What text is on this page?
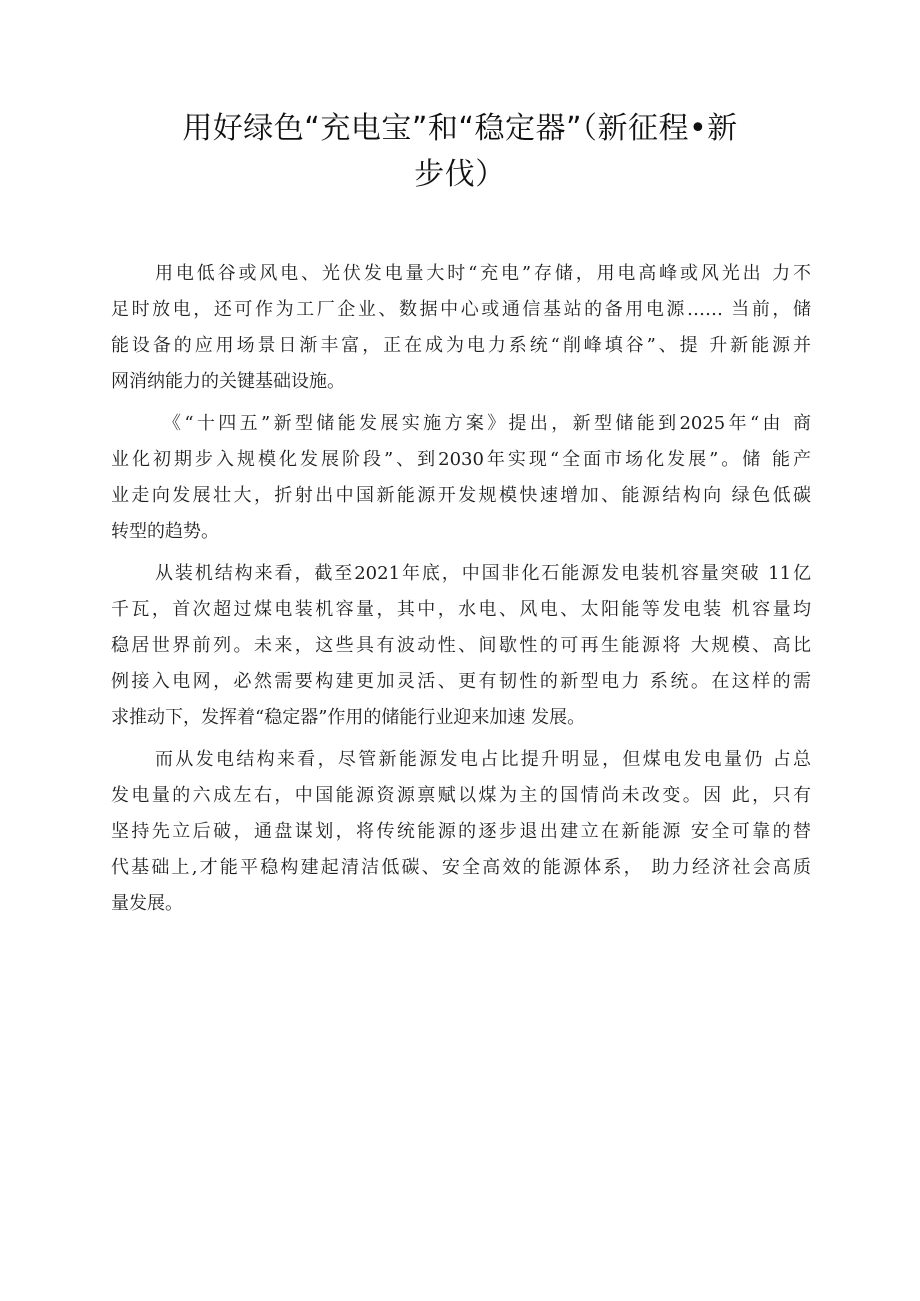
用好绿色“充电宝”和“稳定器”（新征程•新
步伐）
用电低谷或风电、光伏发电量大时“充电”存储，用电高峰或风光出 力不
足时放电，还可作为工厂企业、数据中心或通信基站的备用电源…… 当前，储
能设备的应用场景日渐丰富，正在成为电力系统“削峰填谷”、提 升新能源并
网消纳能力的关键基础设施。
《“十四五”新型储能发展实施方案》提出，新型储能到2025年“由 商
业化初期步入规模化发展阶段”、到2030年实现“全面市场化发展”。储 能产
业走向发展壮大，折射出中国新能源开发规模快速增加、能源结构向 绿色低碳
转型的趋势。
从装机结构来看，截至2021年底，中国非化石能源发电装机容量突破 11亿
千瓦，首次超过煤电装机容量，其中，水电、风电、太阳能等发电装 机容量均
稳居世界前列。未来，这些具有波动性、间歇性的可再生能源将 大规模、高比
例接入电网，必然需要构建更加灵活、更有韧性的新型电力 系统。在这样的需
求推动下，发挥着“稳定器”作用的储能行业迎来加速 发展。
而从发电结构来看，尽管新能源发电占比提升明显，但煤电发电量仍 占总
发电量的六成左右，中国能源资源禀赋以煤为主的国情尚未改变。因 此，只有
坚持先立后破，通盘谋划，将传统能源的逐步退出建立在新能源 安全可靠的替
代基础上,才能平稳构建起清洁低碳、安全高效的能源体系， 助力经济社会高质
量发展。
